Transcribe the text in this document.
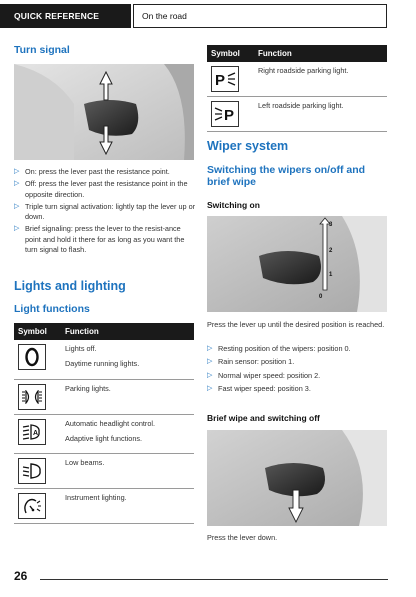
QUICK REFERENCE	On the road
Turn signal
▷ On: press the lever past the resistance point.
▷ Off: press the lever past the resistance point in the opposite direction.
▷ Triple turn signal activation: lightly tap the lever up or down.
▷ Brief signaling: press the lever to the resist-ance point and hold it there for as long as you want the turn signal to flash.
Lights and lighting
Light functions
Symbol	Function

Lights off.
Daytime running lights.

Parking lights.

A	Automatic headlight control.
Adaptive light functions.

Low beams.

Instrument lighting.
Symbol	Function

P	Right roadside parking light.

P	Left roadside parking light.
Wiper system
Switching the wipers on/off and brief wipe
Switching on
3
2
1
0
Press the lever up until the desired position is reached.
▷ Resting position of the wipers: position 0.
▷ Rain sensor: position 1.
▷ Normal wiper speed: position 2.
▷ Fast wiper speed: position 3.
Brief wipe and switching off
Press the lever down.
26
